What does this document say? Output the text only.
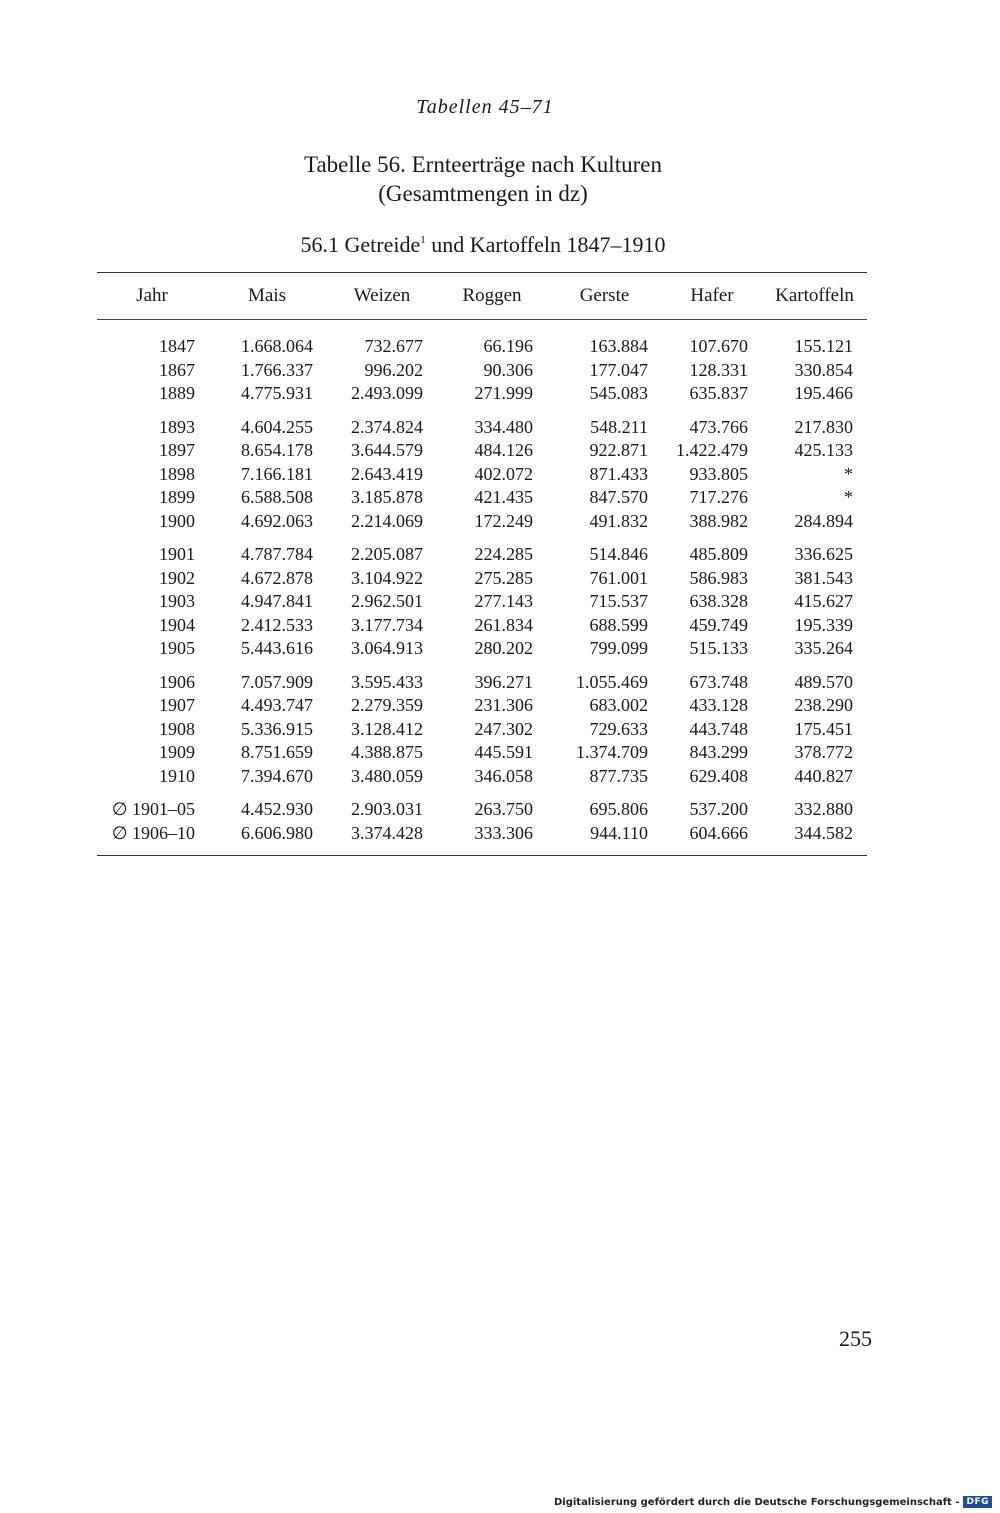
Tabellen 45–71
Tabelle 56. Ernteerträge nach Kulturen
(Gesamtmengen in dz)
56.1 Getreide$^1$ und Kartoffeln 1847–1910
Jahr	Mais	Weizen	Roggen	Gerste	Hafer	Kartoffeln
1847	1.668.064	732.677	66.196	163.884	107.670	155.121
1867	1.766.337	996.202	90.306	177.047	128.331	330.854
1889	4.775.931	2.493.099	271.999	545.083	635.837	195.466
1893	4.604.255	2.374.824	334.480	548.211	473.766	217.830
1897	8.654.178	3.644.579	484.126	922.871	1.422.479	425.133
1898	7.166.181	2.643.419	402.072	871.433	933.805	*
1899	6.588.508	3.185.878	421.435	847.570	717.276	*
1900	4.692.063	2.214.069	172.249	491.832	388.982	284.894
1901	4.787.784	2.205.087	224.285	514.846	485.809	336.625
1902	4.672.878	3.104.922	275.285	761.001	586.983	381.543
1903	4.947.841	2.962.501	277.143	715.537	638.328	415.627
1904	2.412.533	3.177.734	261.834	688.599	459.749	195.339
1905	5.443.616	3.064.913	280.202	799.099	515.133	335.264
1906	7.057.909	3.595.433	396.271	1.055.469	673.748	489.570
1907	4.493.747	2.279.359	231.306	683.002	433.128	238.290
1908	5.336.915	3.128.412	247.302	729.633	443.748	175.451
1909	8.751.659	4.388.875	445.591	1.374.709	843.299	378.772
1910	7.394.670	3.480.059	346.058	877.735	629.408	440.827
∅ 1901–05	4.452.930	2.903.031	263.750	695.806	537.200	332.880
∅ 1906–10	6.606.980	3.374.428	333.306	944.110	604.666	344.582
255
Digitalisierung gefördert durch die Deutsche Forschungsgemeinschaft - DFG
